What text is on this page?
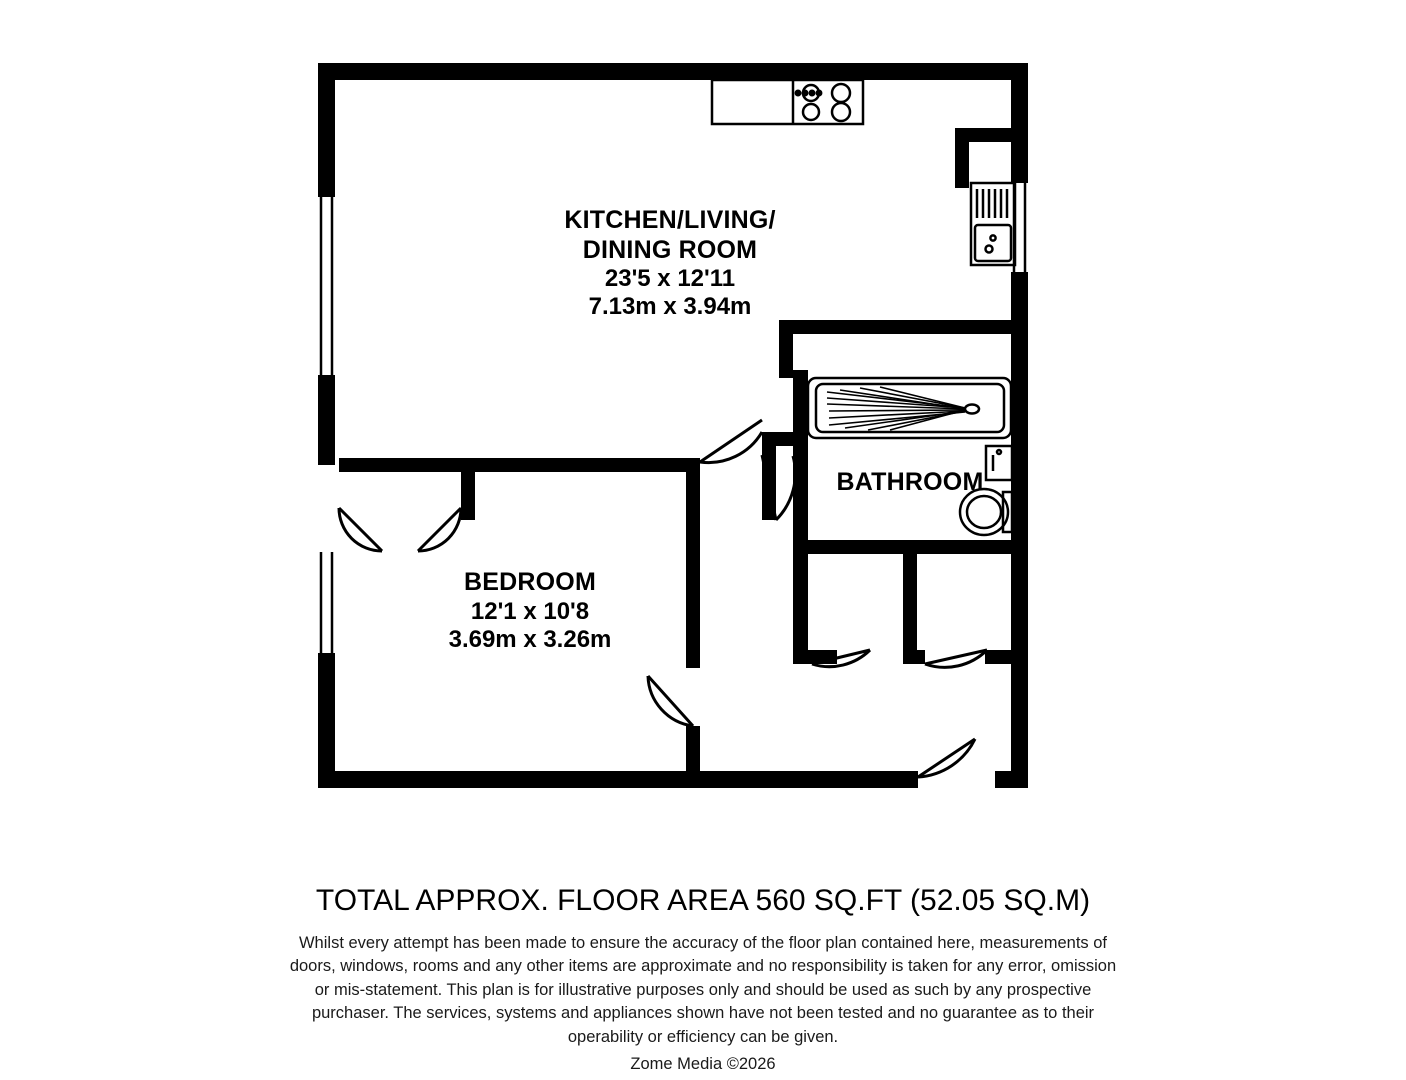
KITCHEN/LIVING/
DINING ROOM
23'5 x 12'11
7.13m x 3.94m
BEDROOM
12'1 x 10'8
3.69m x 3.26m
BATHROOM
TOTAL APPROX. FLOOR AREA 560 SQ.FT (52.05 SQ.M)
Whilst every attempt has been made to ensure the accuracy of the floor plan contained here, measurements of doors, windows, rooms and any other items are approximate and no responsibility is taken for any error, omission or mis-statement. This plan is for illustrative purposes only and should be used as such by any prospective purchaser. The services, systems and appliances shown have not been tested and no guarantee as to their operability or efficiency can be given.
Zome Media ©2026
